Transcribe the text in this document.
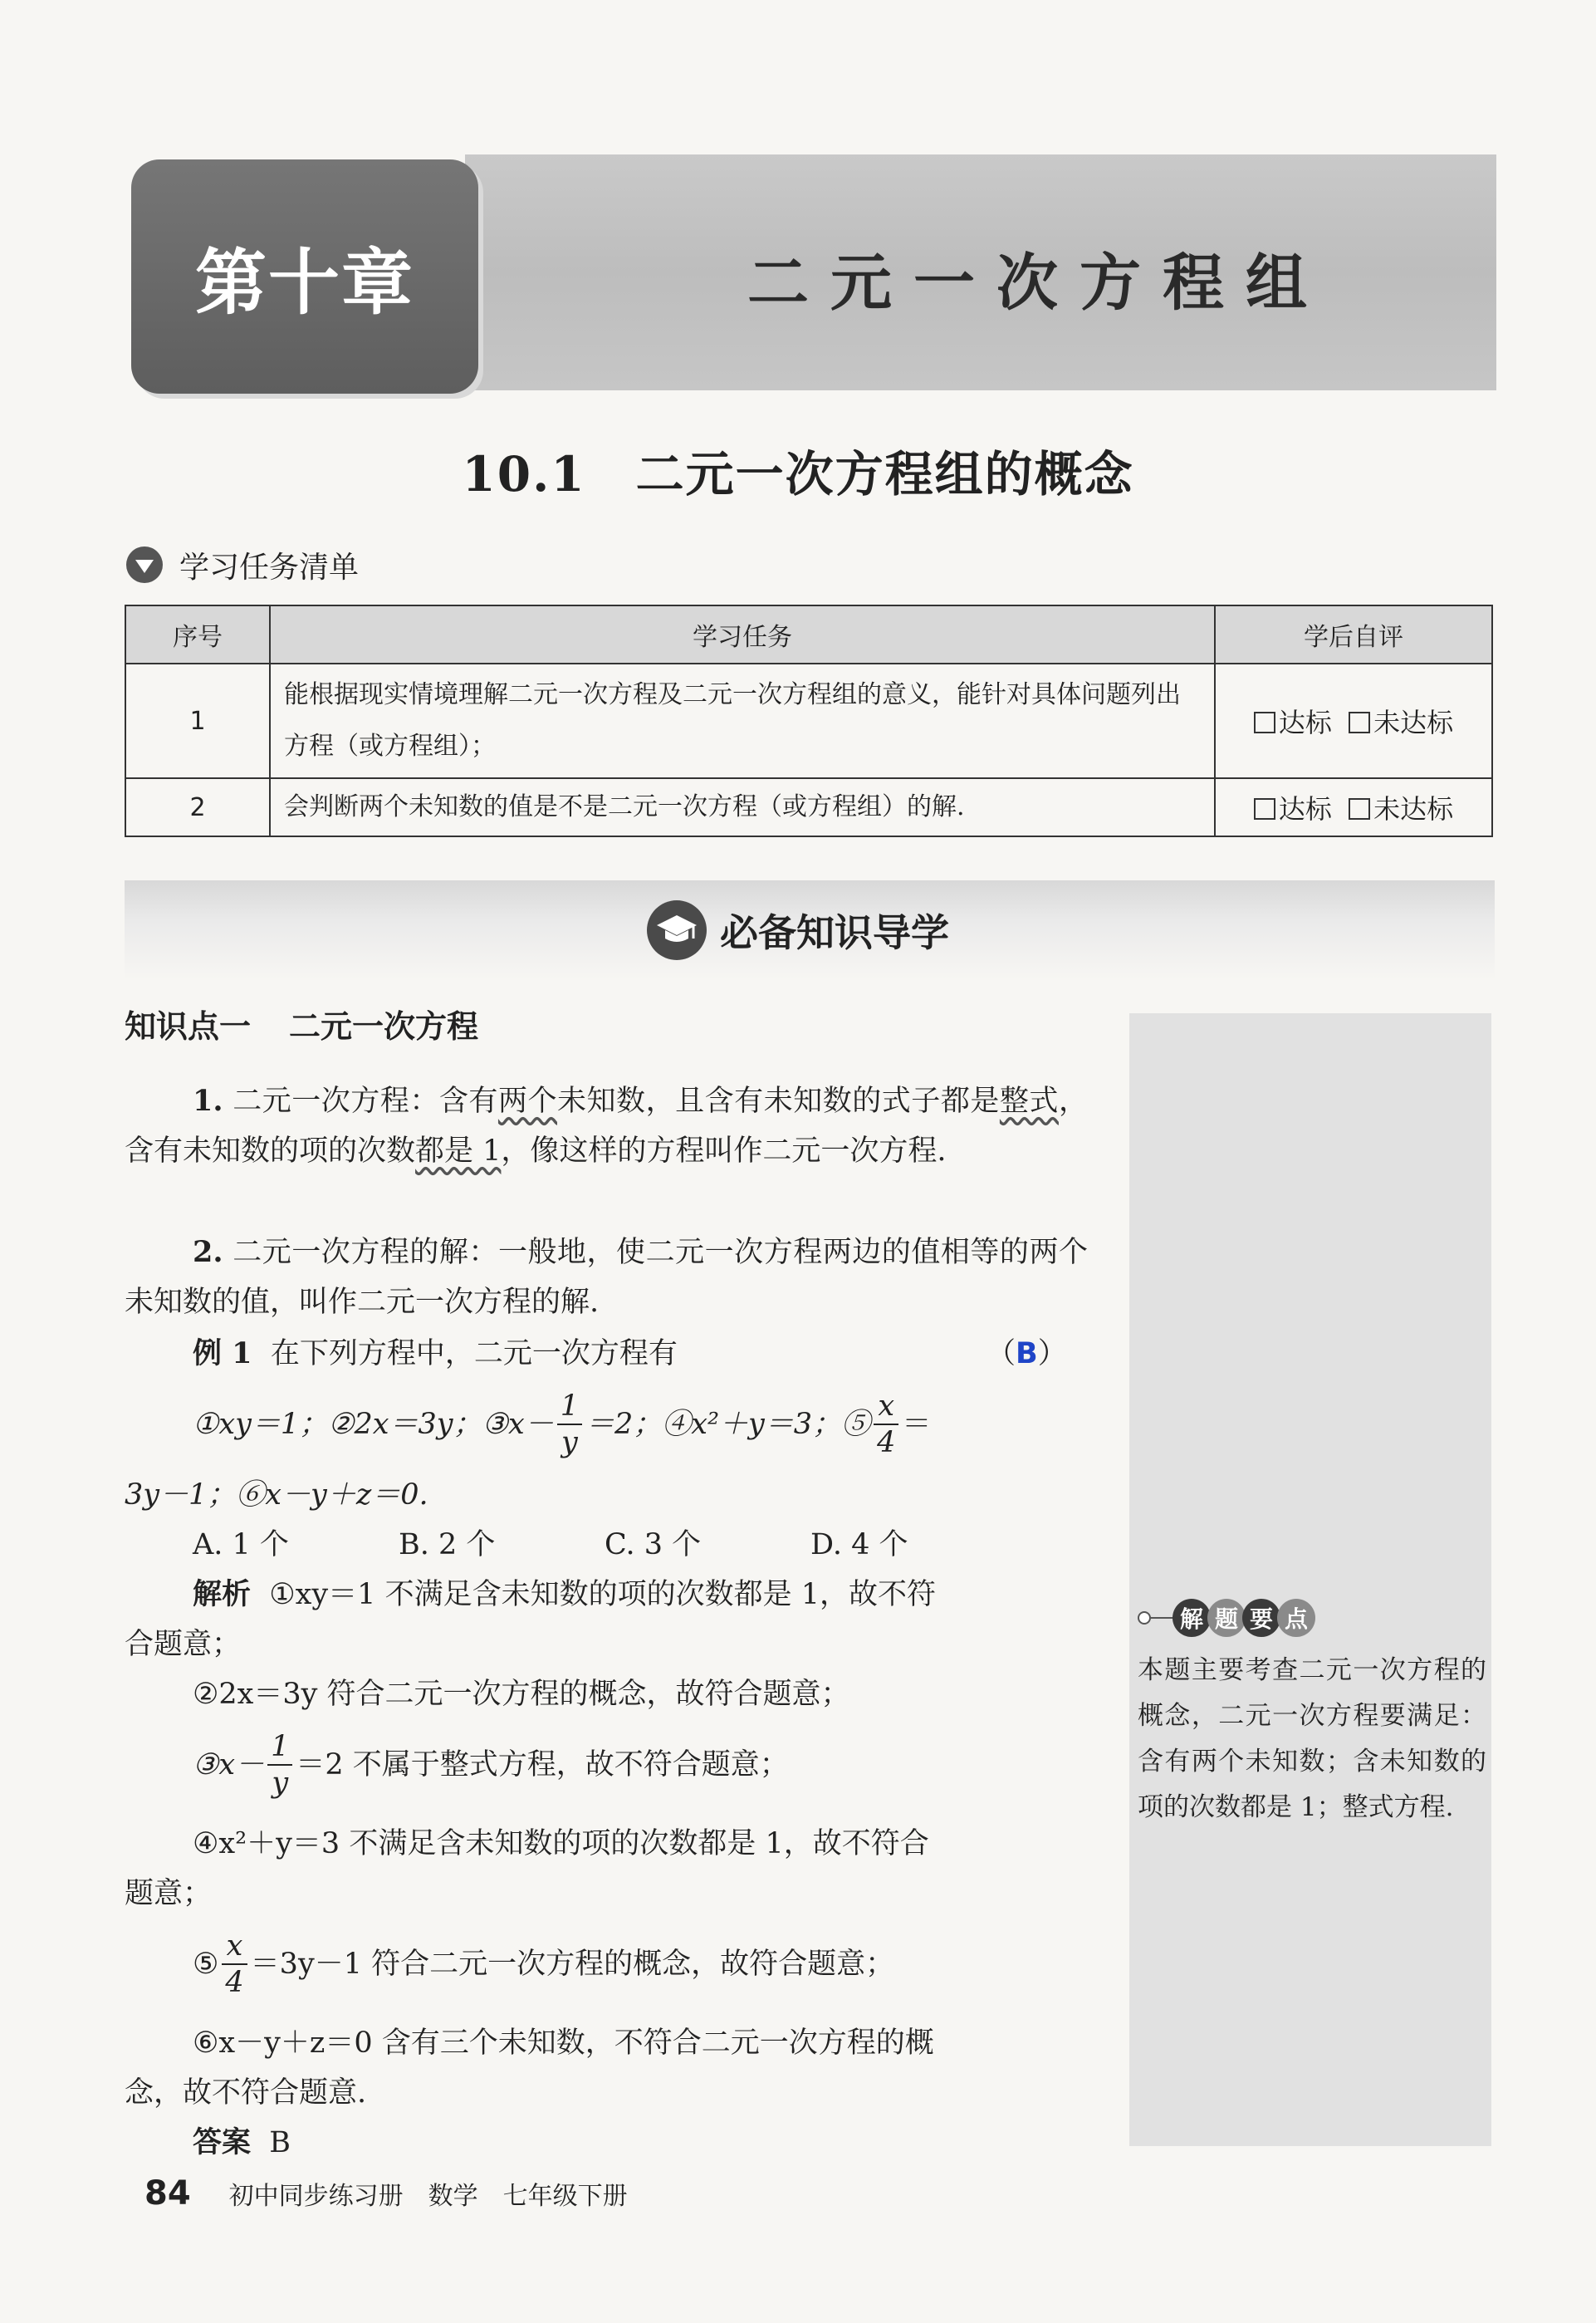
第十章	二元一次方程组
10.1　二元一次方程组的概念
学习任务清单
序号	学习任务	学后自评
1	能根据现实情境理解二元一次方程及二元一次方程组的意义，能针对具体问题列出方程（或方程组）；	达标 未达标
2	会判断两个未知数的值是不是二元一次方程（或方程组）的解.	达标 未达标
必备知识导学
知识点一 二元一次方程
1. 二元一次方程：含有两个未知数，且含有未知数的式子都是整式，含有未知数的项的次数都是 1，像这样的方程叫作二元一次方程.
2. 二元一次方程的解：一般地，使二元一次方程两边的值相等的两个未知数的值，叫作二元一次方程的解.
例 1 在下列方程中，二元一次方程有	（B）
①xy＝1；②2x＝3y；③x－ $\frac{1}{y} =2$；④x²＋y＝3；⑤ $\frac{x}{4}$ ＝
3y－1；⑥x－y＋z＝0.
A. 1 个	B. 2 个	C. 3 个	D. 4 个
解析 ①xy＝1 不满足含未知数的项的次数都是 1，故不符
合题意；
②2x＝3y 符合二元一次方程的概念，故符合题意；
③x－ $\frac{1}{y} =2$ 不属于整式方程，故不符合题意；
④x²＋y＝3 不满足含未知数的项的次数都是 1，故不符合
题意；
⑤ $\frac{x}{4} =3y-1$ 符合二元一次方程的概念，故符合题意；
⑥x－y＋z＝0 含有三个未知数，不符合二元一次方程的概
念，故不符合题意.
答案 B
解 题 要 点
本题主要考查二元一次方程的概念，二元一次方程要满足：含有两个未知数；含未知数的项的次数都是 1；整式方程.
84 初中同步练习册 数学 七年级下册
